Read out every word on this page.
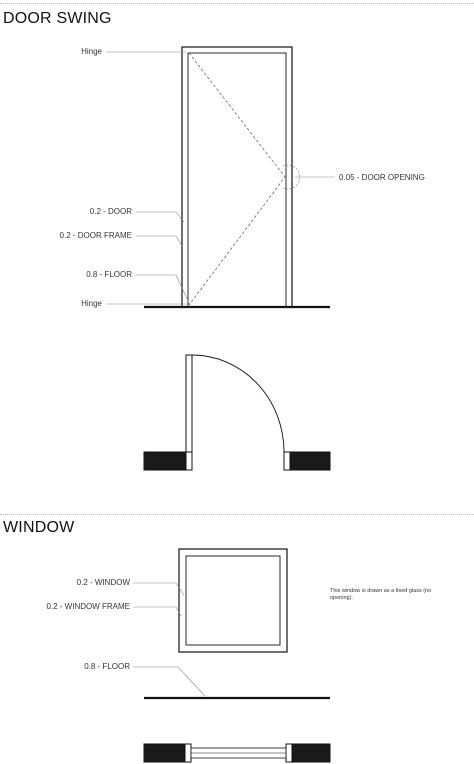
DOOR SWING
WINDOW
Hinge
0.2 - DOOR
0.2 - DOOR FRAME
0.8 - FLOOR
Hinge
0.05 - DOOR OPENING
0.2 - WINDOW
0.2 - WINDOW FRAME
0.8 - FLOOR
This window is drawn as a fixed glass (no opening).
